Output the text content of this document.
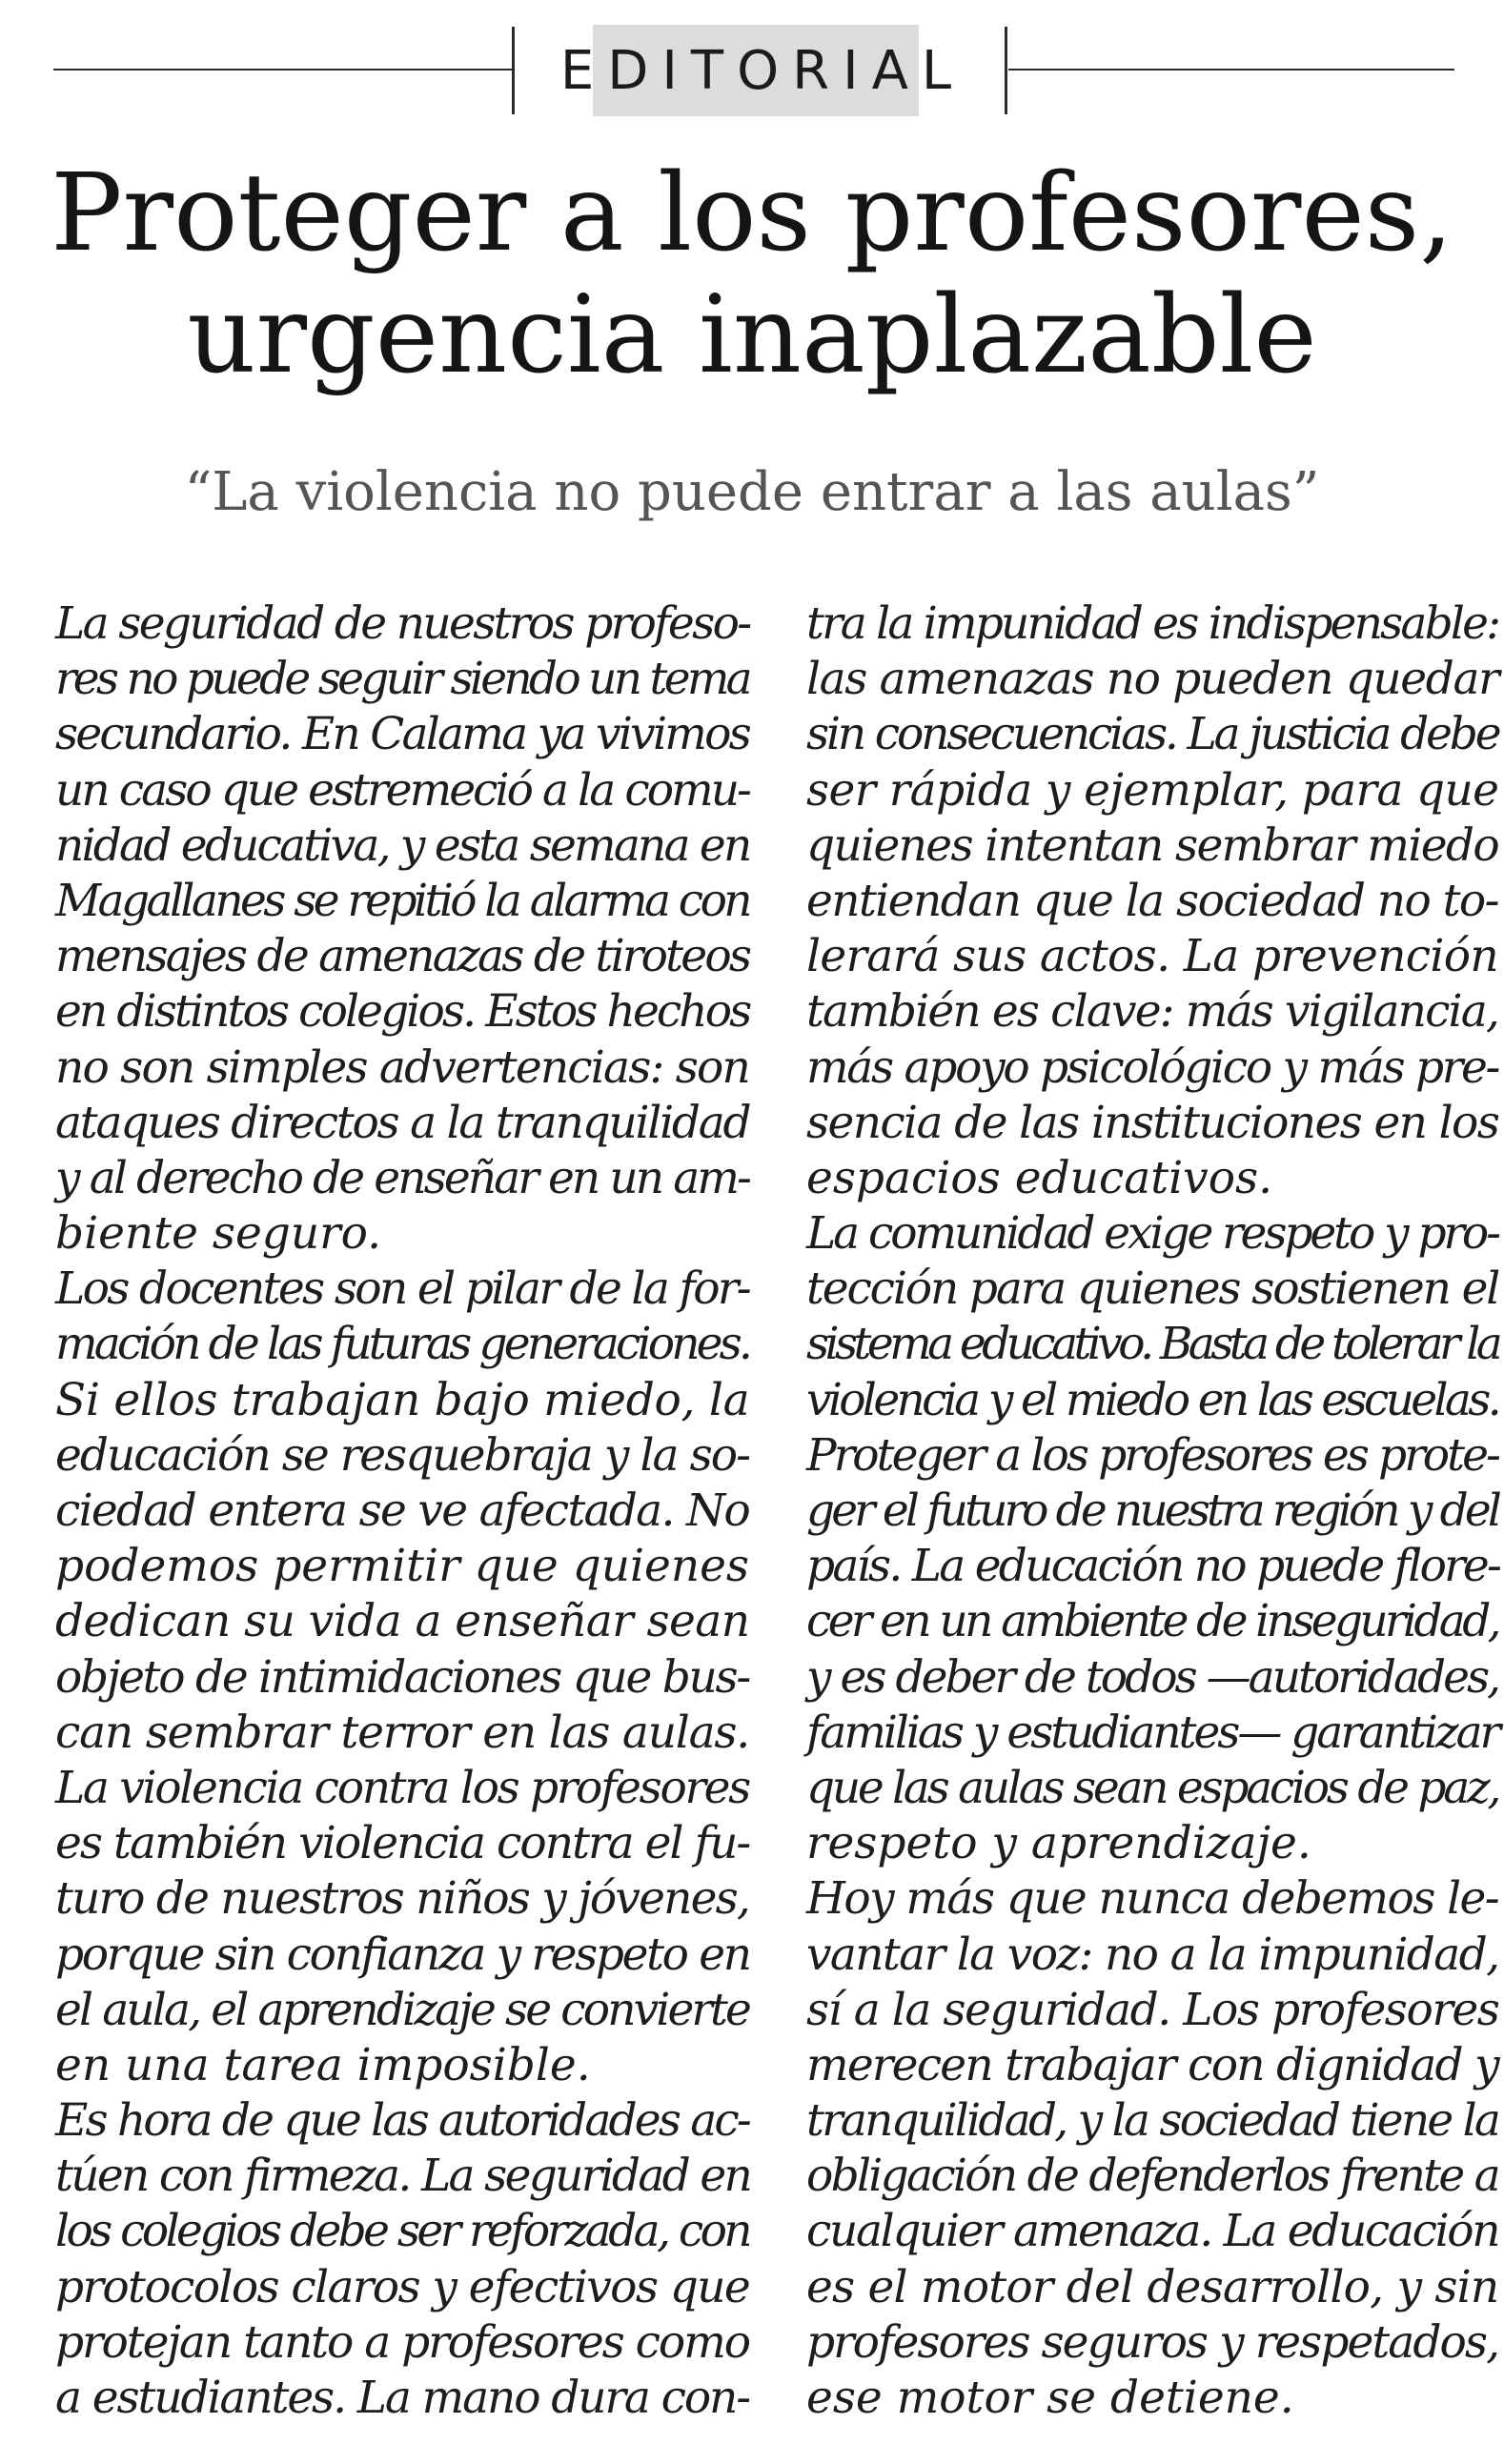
EDITORIAL
Proteger a los profesores,
urgencia inaplazable

“La violencia no puede entrar a las aulas”

La seguridad de nuestros profeso-
res no puede seguir siendo un tema
secundario. En Calama ya vivimos
un caso que estremeció a la comu-
nidad educativa, y esta semana en
Magallanes se repitió la alarma con
mensajes de amenazas de tiroteos
en distintos colegios. Estos hechos
no son simples advertencias: son
ataques directos a la tranquilidad
y al derecho de enseñar en un am-
biente seguro.
Los docentes son el pilar de la for-
mación de las futuras generaciones.
Si ellos trabajan bajo miedo, la
educación se resquebraja y la so-
ciedad entera se ve afectada. No
podemos permitir que quienes
dedican su vida a enseñar sean
objeto de intimidaciones que bus-
can sembrar terror en las aulas.
La violencia contra los profesores
es también violencia contra el fu-
turo de nuestros niños y jóvenes,
porque sin confianza y respeto en
el aula, el aprendizaje se convierte
en una tarea imposible.
Es hora de que las autoridades ac-
túen con firmeza. La seguridad en
los colegios debe ser reforzada, con
protocolos claros y efectivos que
protejan tanto a profesores como
a estudiantes. La mano dura con-
tra la impunidad es indispensable:
las amenazas no pueden quedar
sin consecuencias. La justicia debe
ser rápida y ejemplar, para que
quienes intentan sembrar miedo
entiendan que la sociedad no to-
lerará sus actos. La prevención
también es clave: más vigilancia,
más apoyo psicológico y más pre-
sencia de las instituciones en los
espacios educativos.
La comunidad exige respeto y pro-
tección para quienes sostienen el
sistema educativo. Basta de tolerar la
violencia y el miedo en las escuelas.
Proteger a los profesores es prote-
ger el futuro de nuestra región y del
país. La educación no puede flore-
cer en un ambiente de inseguridad,
y es deber de todos —autoridades,
familias y estudiantes— garantizar
que las aulas sean espacios de paz,
respeto y aprendizaje.
Hoy más que nunca debemos le-
vantar la voz: no a la impunidad,
sí a la seguridad. Los profesores
merecen trabajar con dignidad y
tranquilidad, y la sociedad tiene la
obligación de defenderlos frente a
cualquier amenaza. La educación
es el motor del desarrollo, y sin
profesores seguros y respetados,
ese motor se detiene.
